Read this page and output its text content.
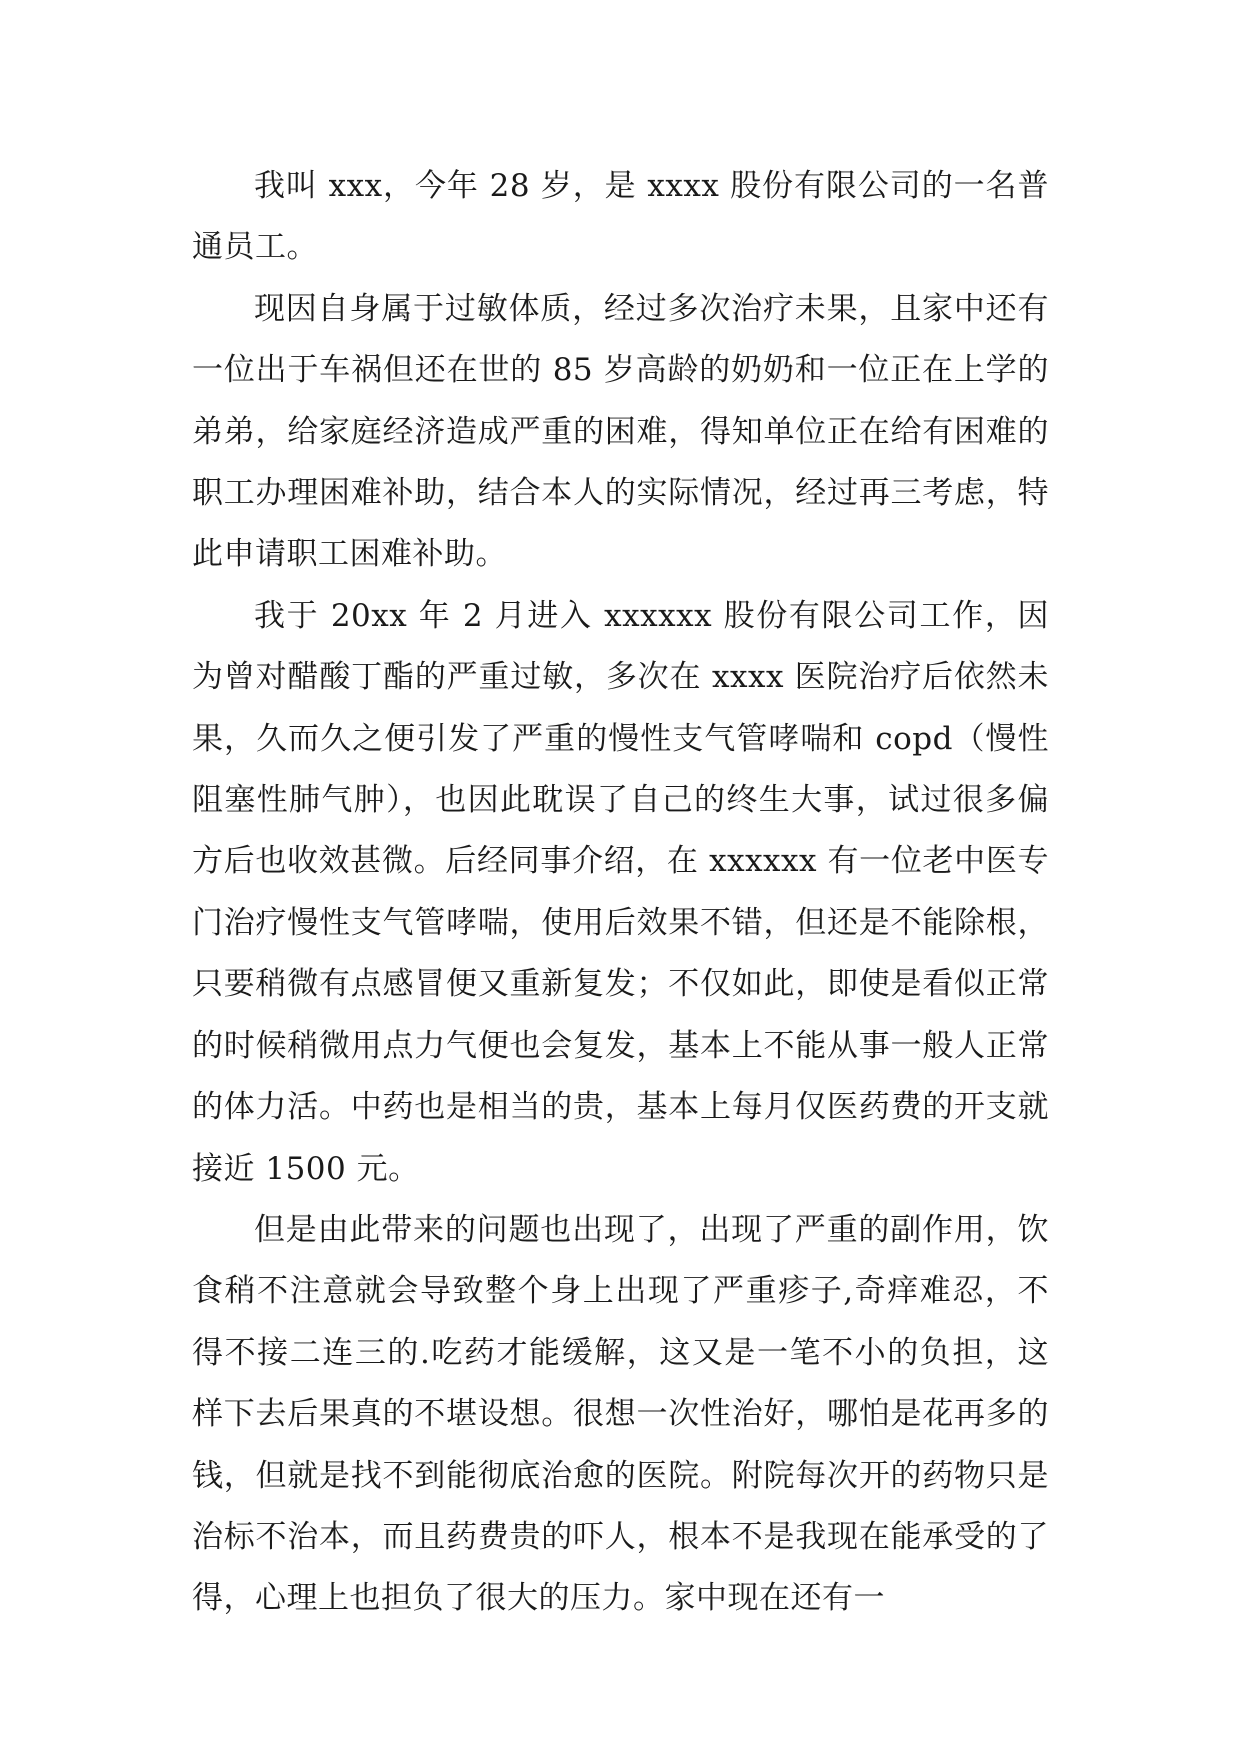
我叫 xxx，今年 28 岁，是 xxxx 股份有限公司的一名普通员工。

现因自身属于过敏体质，经过多次治疗未果，且家中还有一位出于车祸但还在世的 85 岁高龄的奶奶和一位正在上学的弟弟，给家庭经济造成严重的困难，得知单位正在给有困难的职工办理困难补助，结合本人的实际情况，经过再三考虑，特此申请职工困难补助。

我于 20xx 年 2 月进入 xxxxxx 股份有限公司工作，因为曾对醋酸丁酯的严重过敏，多次在 xxxx 医院治疗后依然未果，久而久之便引发了严重的慢性支气管哮喘和 copd（慢性阻塞性肺气肿），也因此耽误了自己的终生大事，试过很多偏方后也收效甚微。后经同事介绍，在 xxxxxx 有一位老中医专门治疗慢性支气管哮喘，使用后效果不错，但还是不能除根，只要稍微有点感冒便又重新复发；不仅如此，即使是看似正常的时候稍微用点力气便也会复发，基本上不能从事一般人正常的体力活。中药也是相当的贵，基本上每月仅医药费的开支就接近 1500 元。

但是由此带来的问题也出现了，出现了严重的副作用，饮食稍不注意就会导致整个身上出现了严重疹子,奇痒难忍，不得不接二连三的.吃药才能缓解，这又是一笔不小的负担，这样下去后果真的不堪设想。很想一次性治好，哪怕是花再多的钱，但就是找不到能彻底治愈的医院。附院每次开的药物只是治标不治本，而且药费贵的吓人，根本不是我现在能承受的了得，心理上也担负了很大的压力。家中现在还有一
